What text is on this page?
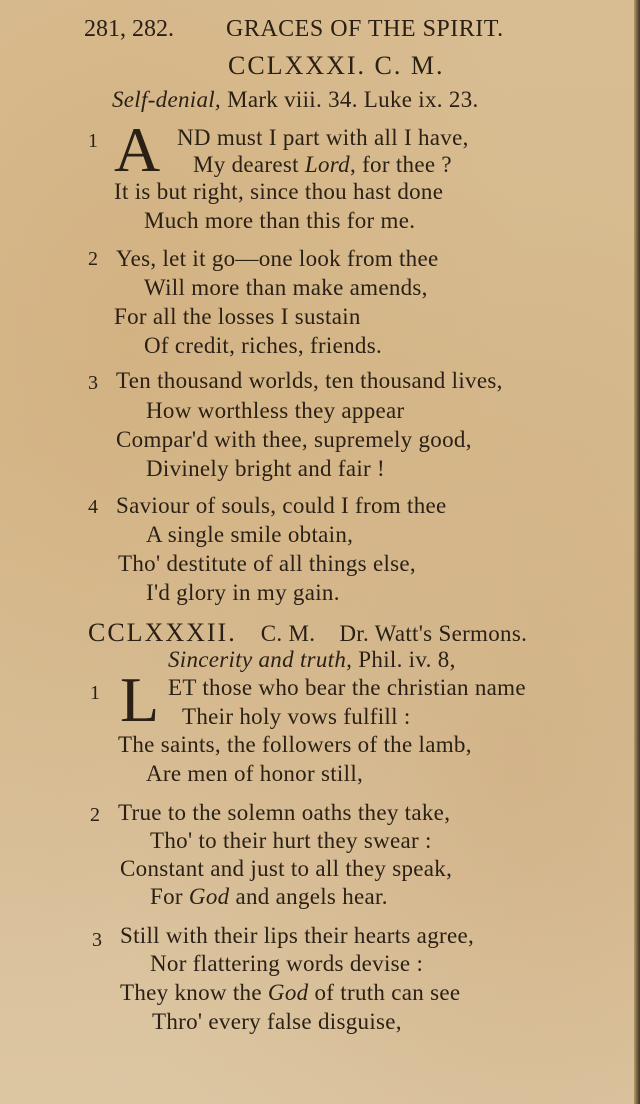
281, 282. GRACES OF THE SPIRIT.
CCLXXXI. C. M.
Self-denial, Mark viii. 34. Luke ix. 23.
1 A ND must I part with all I have,
My dearest Lord, for thee ?
It is but right, since thou hast done
Much more than this for me.
2 Yes, let it go—one look from thee
Will more than make amends,
For all the losses I sustain
Of credit, riches, friends.
3 Ten thousand worlds, ten thousand lives,
How worthless they appear
Compar'd with thee, supremely good,
Divinely bright and fair !
4 Saviour of souls, could I from thee
A single smile obtain,
Tho' destitute of all things else,
I'd glory in my gain.
CCLXXXII. C. M. Dr. Watt's Sermons.
Sincerity and truth, Phil. iv. 8,
1 L ET those who bear the christian name
Their holy vows fulfill :
The saints, the followers of the lamb,
Are men of honor still,
2 True to the solemn oaths they take,
Tho' to their hurt they swear :
Constant and just to all they speak,
For God and angels hear.
3 Still with their lips their hearts agree,
Nor flattering words devise :
They know the God of truth can see
Thro' every false disguise,
